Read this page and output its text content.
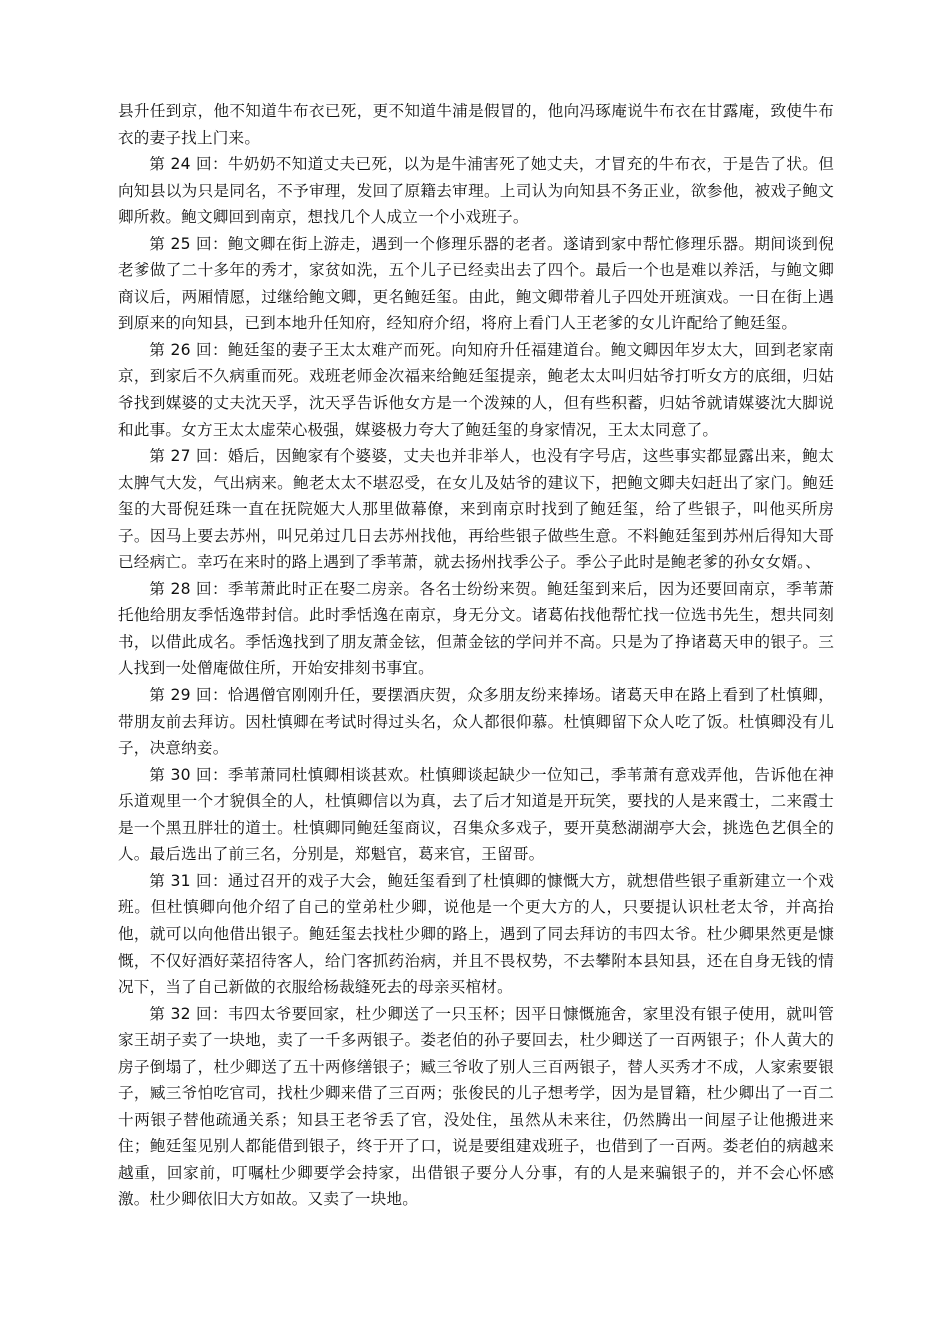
县升任到京，他不知道牛布衣已死，更不知道牛浦是假冒的，他向冯琢庵说牛布衣在甘露庵，致使牛布衣的妻子找上门来。

第 24 回：牛奶奶不知道丈夫已死，以为是牛浦害死了她丈夫，才冒充的牛布衣，于是告了状。但向知县以为只是同名，不予审理，发回了原籍去审理。上司认为向知县不务正业，欲参他，被戏子鲍文卿所救。鲍文卿回到南京，想找几个人成立一个小戏班子。

第 25 回：鲍文卿在街上游走，遇到一个修理乐器的老者。遂请到家中帮忙修理乐器。期间谈到倪老爹做了二十多年的秀才，家贫如洗，五个儿子已经卖出去了四个。最后一个也是难以养活，与鲍文卿商议后，两厢情愿，过继给鲍文卿，更名鲍廷玺。由此，鲍文卿带着儿子四处开班演戏。一日在街上遇到原来的向知县，已到本地升任知府，经知府介绍，将府上看门人王老爹的女儿许配给了鲍廷玺。

第 26 回：鲍廷玺的妻子王太太难产而死。向知府升任福建道台。鲍文卿因年岁太大，回到老家南京，到家后不久病重而死。戏班老师金次福来给鲍廷玺提亲，鲍老太太叫归姑爷打听女方的底细，归姑爷找到媒婆的丈夫沈天孚，沈天孚告诉他女方是一个泼辣的人，但有些积蓄，归姑爷就请媒婆沈大脚说和此事。女方王太太虚荣心极强，媒婆极力夸大了鲍廷玺的身家情况，王太太同意了。

第 27 回：婚后，因鲍家有个婆婆，丈夫也并非举人，也没有字号店，这些事实都显露出来，鲍太太脾气大发，气出病来。鲍老太太不堪忍受，在女儿及姑爷的建议下，把鲍文卿夫妇赶出了家门。鲍廷玺的大哥倪廷珠一直在抚院姬大人那里做幕僚，来到南京时找到了鲍廷玺，给了些银子，叫他买所房子。因马上要去苏州，叫兄弟过几日去苏州找他，再给些银子做些生意。不料鲍廷玺到苏州后得知大哥已经病亡。幸巧在来时的路上遇到了季苇萧，就去扬州找季公子。季公子此时是鲍老爹的孙女女婿。、

第 28 回：季苇萧此时正在娶二房亲。各名士纷纷来贺。鲍廷玺到来后，因为还要回南京，季苇萧托他给朋友季恬逸带封信。此时季恬逸在南京，身无分文。诸葛佑找他帮忙找一位选书先生，想共同刻书，以借此成名。季恬逸找到了朋友萧金铉，但萧金铉的学问并不高。只是为了挣诸葛天申的银子。三人找到一处僧庵做住所，开始安排刻书事宜。

第 29 回：恰遇僧官刚刚升任，要摆酒庆贺，众多朋友纷来捧场。诸葛天申在路上看到了杜慎卿，带朋友前去拜访。因杜慎卿在考试时得过头名，众人都很仰慕。杜慎卿留下众人吃了饭。杜慎卿没有儿子，决意纳妾。

第 30 回：季苇萧同杜慎卿相谈甚欢。杜慎卿谈起缺少一位知己，季苇萧有意戏弄他，告诉他在神乐道观里一个才貌俱全的人，杜慎卿信以为真，去了后才知道是开玩笑，要找的人是来霞士，二来霞士是一个黑丑胖壮的道士。杜慎卿同鲍廷玺商议，召集众多戏子，要开莫愁湖湖亭大会，挑选色艺俱全的人。最后选出了前三名，分别是，郑魁官，葛来官，王留哥。

第 31 回：通过召开的戏子大会，鲍廷玺看到了杜慎卿的慷慨大方，就想借些银子重新建立一个戏班。但杜慎卿向他介绍了自己的堂弟杜少卿，说他是一个更大方的人，只要提认识杜老太爷，并高抬他，就可以向他借出银子。鲍廷玺去找杜少卿的路上，遇到了同去拜访的韦四太爷。杜少卿果然更是慷慨，不仅好酒好菜招待客人，给门客抓药治病，并且不畏权势，不去攀附本县知县，还在自身无钱的情况下，当了自己新做的衣服给杨裁缝死去的母亲买棺材。

第 32 回：韦四太爷要回家，杜少卿送了一只玉杯；因平日慷慨施舍，家里没有银子使用，就叫管家王胡子卖了一块地，卖了一千多两银子。娄老伯的孙子要回去，杜少卿送了一百两银子；仆人黄大的房子倒塌了，杜少卿送了五十两修缮银子；臧三爷收了别人三百两银子，替人买秀才不成，人家索要银子，臧三爷怕吃官司，找杜少卿来借了三百两；张俊民的儿子想考学，因为是冒籍，杜少卿出了一百二十两银子替他疏通关系；知县王老爷丢了官，没处住，虽然从未来往，仍然腾出一间屋子让他搬进来住；鲍廷玺见别人都能借到银子，终于开了口，说是要组建戏班子，也借到了一百两。娄老伯的病越来越重，回家前，叮嘱杜少卿要学会持家，出借银子要分人分事，有的人是来骗银子的，并不会心怀感激。杜少卿依旧大方如故。又卖了一块地。
